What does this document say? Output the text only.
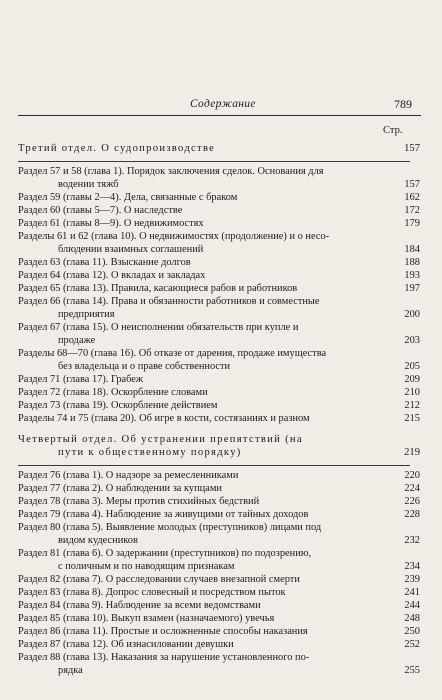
Содержание	789
Стр.
Третий отдел. О судопроизводстве	157
Раздел 57 и 58 (глава 1). Порядок заключения сделок. Основания для
водении тяжб	157
Раздел 59 (главы 2—4). Дела, связанные с браком	162
Раздел 60 (главы 5—7). О наследстве	172
Раздел 61 (главы 8—9). О недвижимостях	179
Разделы 61 и 62 (глава 10). О недвижимостях (продолжение) и о несо-
блюдении взаимных соглашений	184
Раздел 63 (глава 11). Взыскание долгов	188
Раздел 64 (глава 12). О вкладах и закладах	193
Раздел 65 (глава 13). Правила, касающиеся рабов и работников	197
Раздел 66 (глава 14). Права и обязанности работников и совместные
предприятия	200
Раздел 67 (глава 15). О неисполнении обязательств при купле и
продаже	203
Разделы 68—70 (глава 16). Об отказе от дарения, продаже имущества
без владельца и о праве собственности	205
Раздел 71 (глава 17). Грабеж	209
Раздел 72 (глава 18). Оскорбление словами	210
Раздел 73 (глава 19). Оскорбление действием	212
Разделы 74 и 75 (глава 20). Об игре в кости, состязаниях и разном	215
Четвертый отдел. Об устранении препятствий (на
пути к общественному порядку)	219
Раздел 76 (глава 1). О надзоре за ремесленниками	220
Раздел 77 (глава 2). О наблюдении за купцами	224
Раздел 78 (глава 3). Меры против стихийных бедствий	226
Раздел 79 (глава 4). Наблюдение за живущими от тайных доходов	228
Раздел 80 (глава 5). Выявление молодых (преступников) лицами под
видом кудесников	232
Раздел 81 (глава 6). О задержании (преступников) по подозрению,
с поличным и по наводящим признакам	234
Раздел 82 (глава 7). О расследовании случаев внезапной смерти	239
Раздел 83 (глава 8). Допрос словесный и посредством пыток	241
Раздел 84 (глава 9). Наблюдение за всеми ведомствами	244
Раздел 85 (глава 10). Выкуп взамен (назначаемого) увечья	248
Раздел 86 (глава 11). Простые и осложненные способы наказания	250
Раздел 87 (глава 12). Об изнасиловании девушки	252
Раздел 88 (глава 13). Наказания за нарушение установленного по-
рядка	255
